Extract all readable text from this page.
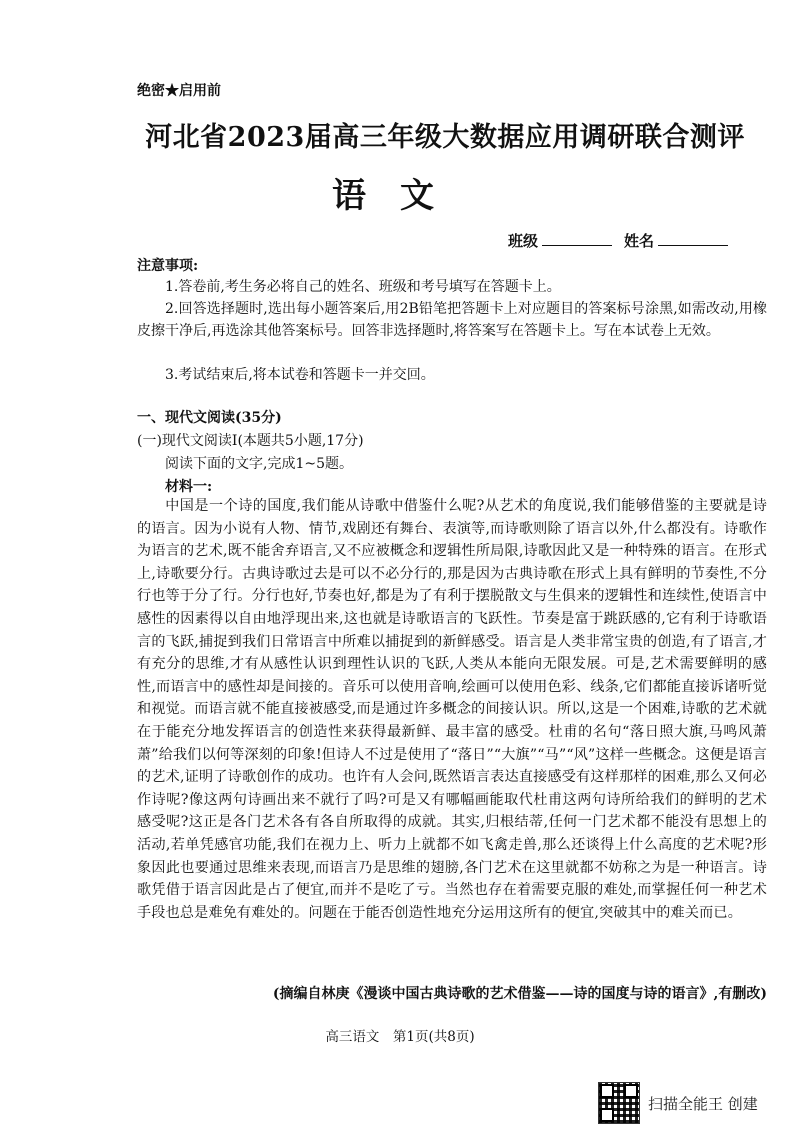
绝密★启用前
河北省2023届高三年级大数据应用调研联合测评
语文
班级	姓名
注意事项:
1.答卷前,考生务必将自己的姓名、班级和考号填写在答题卡上。
2.回答选择题时,选出每小题答案后,用2B铅笔把答题卡上对应题目的答案标号涂黑,如需改动,用橡皮擦干净后,再选涂其他答案标号。回答非选择题时,将答案写在答题卡上。写在本试卷上无效。
3.考试结束后,将本试卷和答题卡一并交回。
一、现代文阅读(35分)
(一)现代文阅读Ⅰ(本题共5小题,17分)
阅读下面的文字,完成1~5题。
材料一:
中国是一个诗的国度,我们能从诗歌中借鉴什么呢?从艺术的角度说,我们能够借鉴的主要就是诗的语言。因为小说有人物、情节,戏剧还有舞台、表演等,而诗歌则除了语言以外,什么都没有。诗歌作为语言的艺术,既不能舍弃语言,又不应被概念和逻辑性所局限,诗歌因此又是一种特殊的语言。在形式上,诗歌要分行。古典诗歌过去是可以不必分行的,那是因为古典诗歌在形式上具有鲜明的节奏性,不分行也等于分了行。分行也好,节奏也好,都是为了有利于摆脱散文与生俱来的逻辑性和连续性,使语言中感性的因素得以自由地浮现出来,这也就是诗歌语言的飞跃性。节奏是富于跳跃感的,它有利于诗歌语言的飞跃,捕捉到我们日常语言中所难以捕捉到的新鲜感受。语言是人类非常宝贵的创造,有了语言,才有充分的思维,才有从感性认识到理性认识的飞跃,人类从本能向无限发展。可是,艺术需要鲜明的感性,而语言中的感性却是间接的。音乐可以使用音响,绘画可以使用色彩、线条,它们都能直接诉诸听觉和视觉。而语言就不能直接被感受,而是通过许多概念的间接认识。所以,这是一个困难,诗歌的艺术就在于能充分地发挥语言的创造性来获得最新鲜、最丰富的感受。杜甫的名句“落日照大旗,马鸣风萧萧”给我们以何等深刻的印象!但诗人不过是使用了“落日”“大旗”“马”“风”这样一些概念。这便是语言的艺术,证明了诗歌创作的成功。也许有人会问,既然语言表达直接感受有这样那样的困难,那么又何必作诗呢?像这两句诗画出来不就行了吗?可是又有哪幅画能取代杜甫这两句诗所给我们的鲜明的艺术感受呢?这正是各门艺术各有各自所取得的成就。其实,归根结蒂,任何一门艺术都不能没有思想上的活动,若单凭感官功能,我们在视力上、听力上就都不如飞禽走兽,那么还谈得上什么高度的艺术呢?形象因此也要通过思维来表现,而语言乃是思维的翅膀,各门艺术在这里就都不妨称之为是一种语言。诗歌凭借于语言因此是占了便宜,而并不是吃了亏。当然也存在着需要克服的难处,而掌握任何一种艺术手段也总是难免有难处的。问题在于能否创造性地充分运用这所有的便宜,突破其中的难关而已。
(摘编自林庚《漫谈中国古典诗歌的艺术借鉴——诗的国度与诗的语言》,有删改)
高三语文　第1页(共8页)
扫描全能王 创建
